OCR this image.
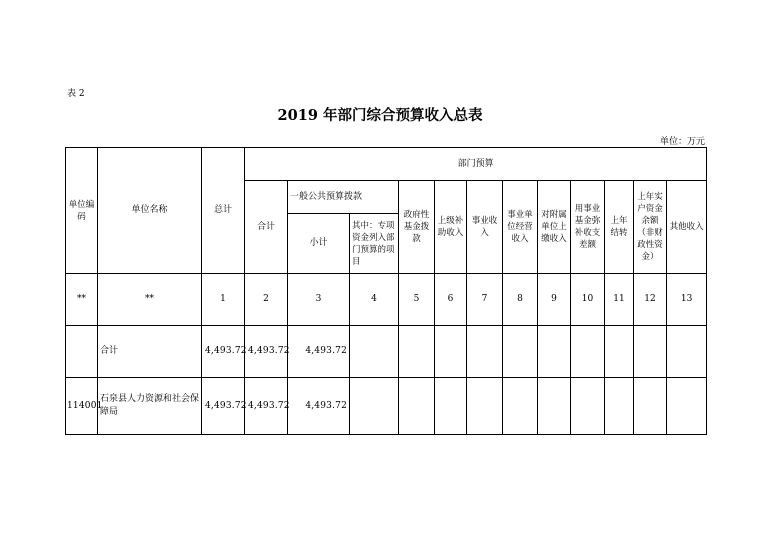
表 2
2019 年部门综合预算收入总表
单位：万元
单位编码	单位名称	总计	部门预算											
			合计	一般公共预算拨款		政府性基金拨款	上级补助收入	事业收入	事业单位经营收入	对附属单位上缴收入	用事业基金弥补收支差额	上年结转	上年实户资金余额（非财政性资金）	其他收入
				小计	其中：专项资金列入部门预算的项目									
**	**	1	2	3	4	5	6	7	8	9	10	11	12	13
	合计	4,493.72	4,493.72	4,493.72										
114001	石泉县人力资源和社会保障局	4,493.72	4,493.72	4,493.72										
